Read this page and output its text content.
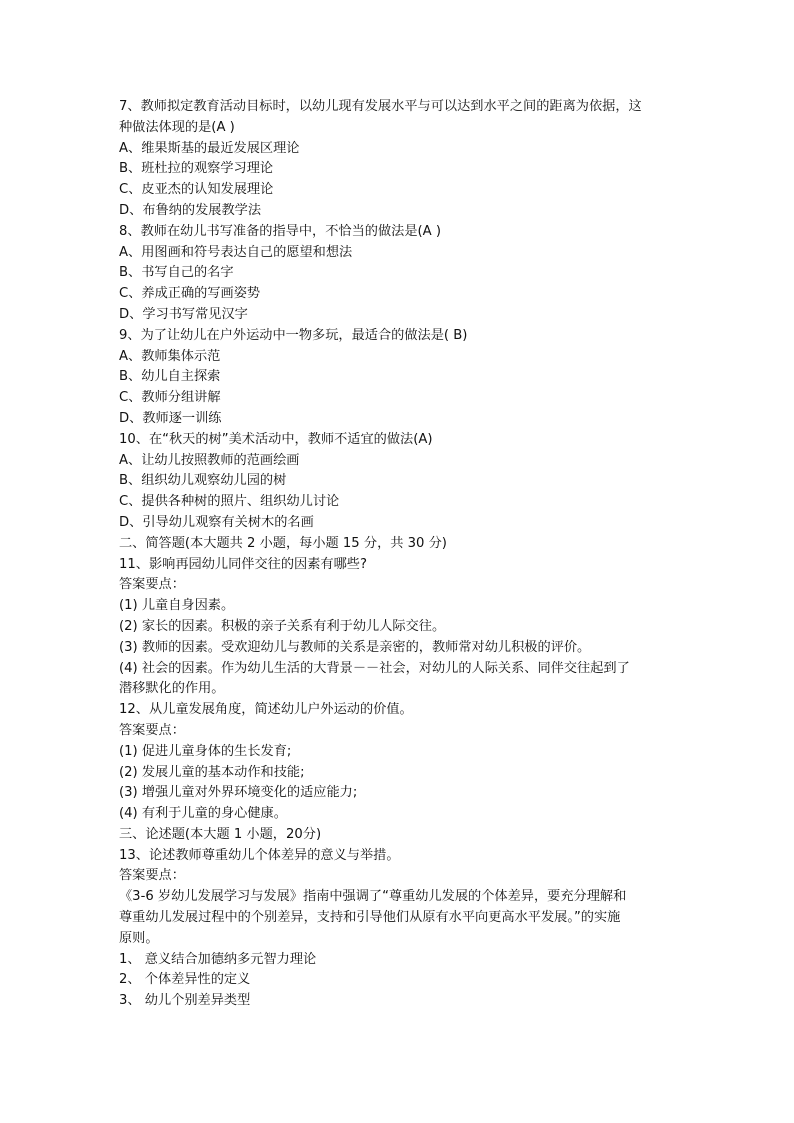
7、教师拟定教育活动目标时，以幼儿现有发展水平与可以达到水平之间的距离为依据，这
种做法体现的是(A )
A、维果斯基的最近发展区理论
B、班杜拉的观察学习理论
C、皮亚杰的认知发展理论
D、布鲁纳的发展教学法
8、教师在幼儿书写准备的指导中，不恰当的做法是(A )
A、用图画和符号表达自己的愿望和想法
B、书写自己的名字
C、养成正确的写画姿势
D、学习书写常见汉字
9、为了让幼儿在户外运动中一物多玩，最适合的做法是( B)
A、教师集体示范
B、幼儿自主探索
C、教师分组讲解
D、教师逐一训练
10、在“秋天的树”美术活动中，教师不适宜的做法(A)
A、让幼儿按照教师的范画绘画
B、组织幼儿观察幼儿园的树
C、提供各种树的照片、组织幼儿讨论
D、引导幼儿观察有关树木的名画
二、简答题(本大题共 2 小题，每小题 15 分，共 30 分)
11、影响再园幼儿同伴交往的因素有哪些?
答案要点：
(1) 儿童自身因素。
(2) 家长的因素。积极的亲子关系有利于幼儿人际交往。
(3) 教师的因素。受欢迎幼儿与教师的关系是亲密的，教师常对幼儿积极的评价。
(4) 社会的因素。作为幼儿生活的大背景－－社会，对幼儿的人际关系、同伴交往起到了
潜移默化的作用。
12、从儿童发展角度，简述幼儿户外运动的价值。
答案要点：
(1) 促进儿童身体的生长发育;
(2) 发展儿童的基本动作和技能;
(3) 增强儿童对外界环境变化的适应能力;
(4) 有利于儿童的身心健康。
三、论述题(本大题 1 小题，20分)
13、论述教师尊重幼儿个体差异的意义与举措。
答案要点：
《3-6 岁幼儿发展学习与发展》指南中强调了“尊重幼儿发展的个体差异，要充分理解和
尊重幼儿发展过程中的个别差异，支持和引导他们从原有水平向更高水平发展。”的实施
原则。
1、 意义结合加德纳多元智力理论
2、 个体差异性的定义
3、 幼儿个别差异类型
